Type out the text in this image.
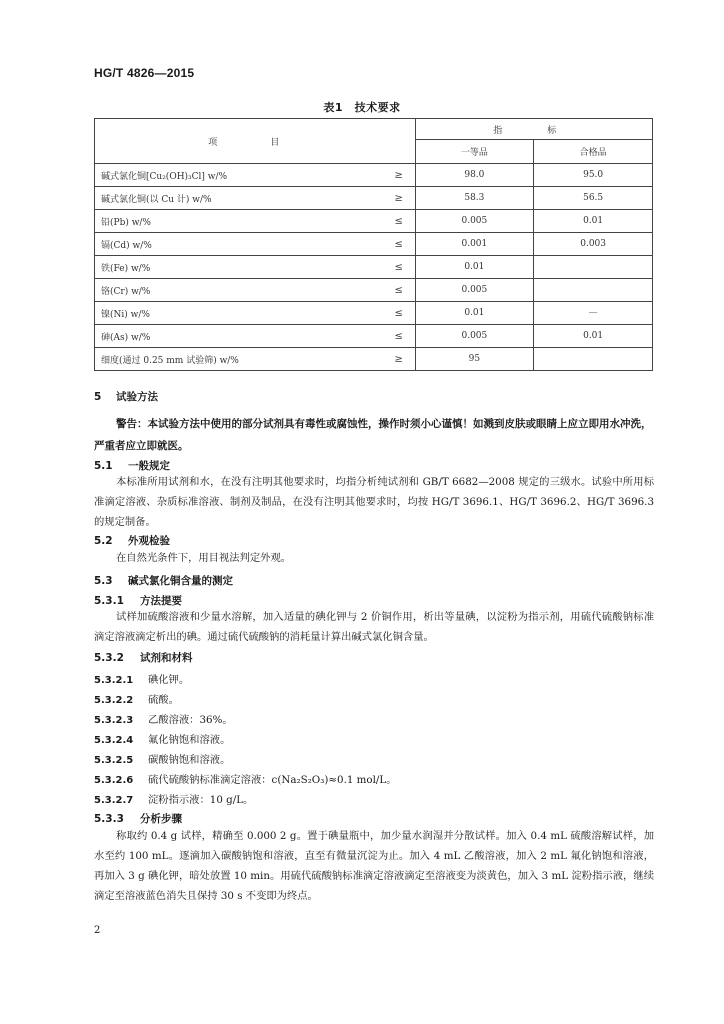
HG/T 4826—2015
表1　技术要求
项　目		指　标	
		一等品	合格品
碱式氯化铜[Cu₂(OH)₃Cl] w/%	≥	98.0	95.0
碱式氯化铜(以 Cu 计) w/%	≥	58.3	56.5
铅(Pb) w/%	≤	0.005	0.01
镉(Cd) w/%	≤	0.001	0.003
铁(Fe) w/%	≤	0.01	
铬(Cr) w/%	≤	0.005	
镍(Ni) w/%	≤	0.01	—
砷(As) w/%	≤	0.005	0.01
细度(通过 0.25 mm 试验筛) w/%	≥	95	
5 试验方法
警告：本试验方法中使用的部分试剂具有毒性或腐蚀性，操作时须小心谨慎！如溅到皮肤或眼睛上应立即用水冲洗，严重者应立即就医。
5.1 一般规定
本标准所用试剂和水，在没有注明其他要求时，均指分析纯试剂和 GB/T 6682—2008 规定的三级水。试验中所用标准滴定溶液、杂质标准溶液、制剂及制品，在没有注明其他要求时，均按 HG/T 3696.1、HG/T 3696.2、HG/T 3696.3 的规定制备。
5.2 外观检验
在自然光条件下，用目视法判定外观。
5.3 碱式氯化铜含量的测定
5.3.1 方法提要
试样加硫酸溶液和少量水溶解，加入适量的碘化钾与 2 价铜作用，析出等量碘，以淀粉为指示剂，用硫代硫酸钠标准滴定溶液滴定析出的碘。通过硫代硫酸钠的消耗量计算出碱式氯化铜含量。
5.3.2 试剂和材料
5.3.2.1 碘化钾。
5.3.2.2 硫酸。
5.3.2.3 乙酸溶液：36%。
5.3.2.4 氟化钠饱和溶液。
5.3.2.5 碳酸钠饱和溶液。
5.3.2.6 硫代硫酸钠标准滴定溶液：c(Na₂S₂O₃)≈0.1 mol/L。
5.3.2.7 淀粉指示液：10 g/L。
5.3.3 分析步骤
称取约 0.4 g 试样，精确至 0.000 2 g。置于碘量瓶中，加少量水润湿并分散试样。加入 0.4 mL 硫酸溶解试样，加水至约 100 mL。逐滴加入碳酸钠饱和溶液，直至有微量沉淀为止。加入 4 mL 乙酸溶液，加入 2 mL 氟化钠饱和溶液，再加入 3 g 碘化钾，暗处放置 10 min。用硫代硫酸钠标准滴定溶液滴定至溶液变为淡黄色，加入 3 mL 淀粉指示液，继续滴定至溶液蓝色消失且保持 30 s 不变即为终点。
2
